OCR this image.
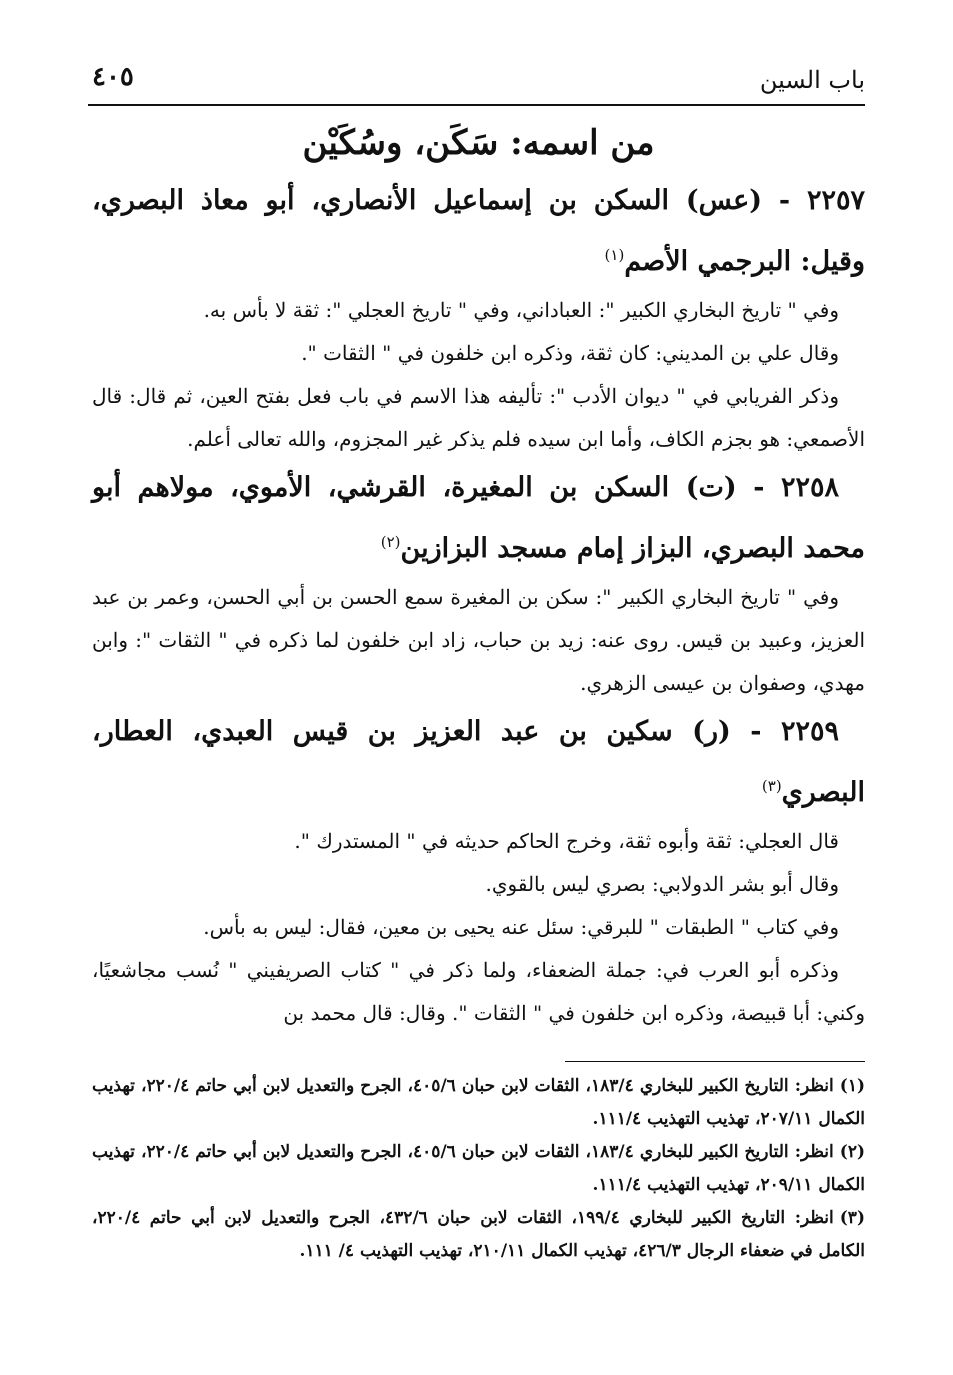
باب السين
٤٠٥
من اسمه: سَكَن، وسُكَيْن

٢٢٥٧ - (عس) السكن بن إسماعيل الأنصاري، أبو معاذ البصري، وقيل: البرجمي الأصم$^{(١)}$

وفي " تاريخ البخاري الكبير ": العباداني، وفي " تاريخ العجلي ": ثقة لا بأس به.

وقال علي بن المديني: كان ثقة، وذكره ابن خلفون في " الثقات ".

وذكر الفريابي في " ديوان الأدب ": تأليفه هذا الاسم في باب فعل بفتح العين، ثم قال: قال الأصمعي: هو بجزم الكاف، وأما ابن سيده فلم يذكر غير المجزوم، والله تعالى أعلم.

٢٢٥٨ - (ت) السكن بن المغيرة، القرشي، الأموي، مولاهم أبو محمد البصري، البزاز إمام مسجد البزازين$^{(٢)}$

وفي " تاريخ البخاري الكبير ": سكن بن المغيرة سمع الحسن بن أبي الحسن، وعمر بن عبد العزيز، وعبيد بن قيس. روى عنه: زيد بن حباب، زاد ابن خلفون لما ذكره في " الثقات ": وابن مهدي، وصفوان بن عيسى الزهري.

٢٢٥٩ - (ر) سكين بن عبد العزيز بن قيس العبدي، العطار، البصري$^{(٣)}$

قال العجلي: ثقة وأبوه ثقة، وخرج الحاكم حديثه في " المستدرك ".

وقال أبو بشر الدولابي: بصري ليس بالقوي.

وفي كتاب " الطبقات " للبرقي: سئل عنه يحيى بن معين، فقال: ليس به بأس.

وذكره أبو العرب في: جملة الضعفاء، ولما ذكر في " كتاب الصريفيني " نُسب مجاشعيًا، وكني: أبا قبيصة، وذكره ابن خلفون في " الثقات ". وقال: قال محمد بن

(١)انظر: التاريخ الكبير للبخاري ١٨٣/٤، الثقات لابن حبان ٤٠٥/٦، الجرح والتعديل لابن أبي حاتم ٢٢٠/٤، تهذيب الكمال ٢٠٧/١١، تهذيب التهذيب ١١١/٤.

(٢)انظر: التاريخ الكبير للبخاري ١٨٣/٤، الثقات لابن حبان ٤٠٥/٦، الجرح والتعديل لابن أبي حاتم ٢٢٠/٤، تهذيب الكمال ٢٠٩/١١، تهذيب التهذيب ١١١/٤.

(٣)انظر: التاريخ الكبير للبخاري ١٩٩/٤، الثقات لابن حبان ٤٣٢/٦، الجرح والتعديل لابن أبي حاتم ٢٢٠/٤، الكامل في ضعفاء الرجال ٤٢٦/٣، تهذيب الكمال ٢١٠/١١، تهذيب التهذيب ٤/ ١١١.
